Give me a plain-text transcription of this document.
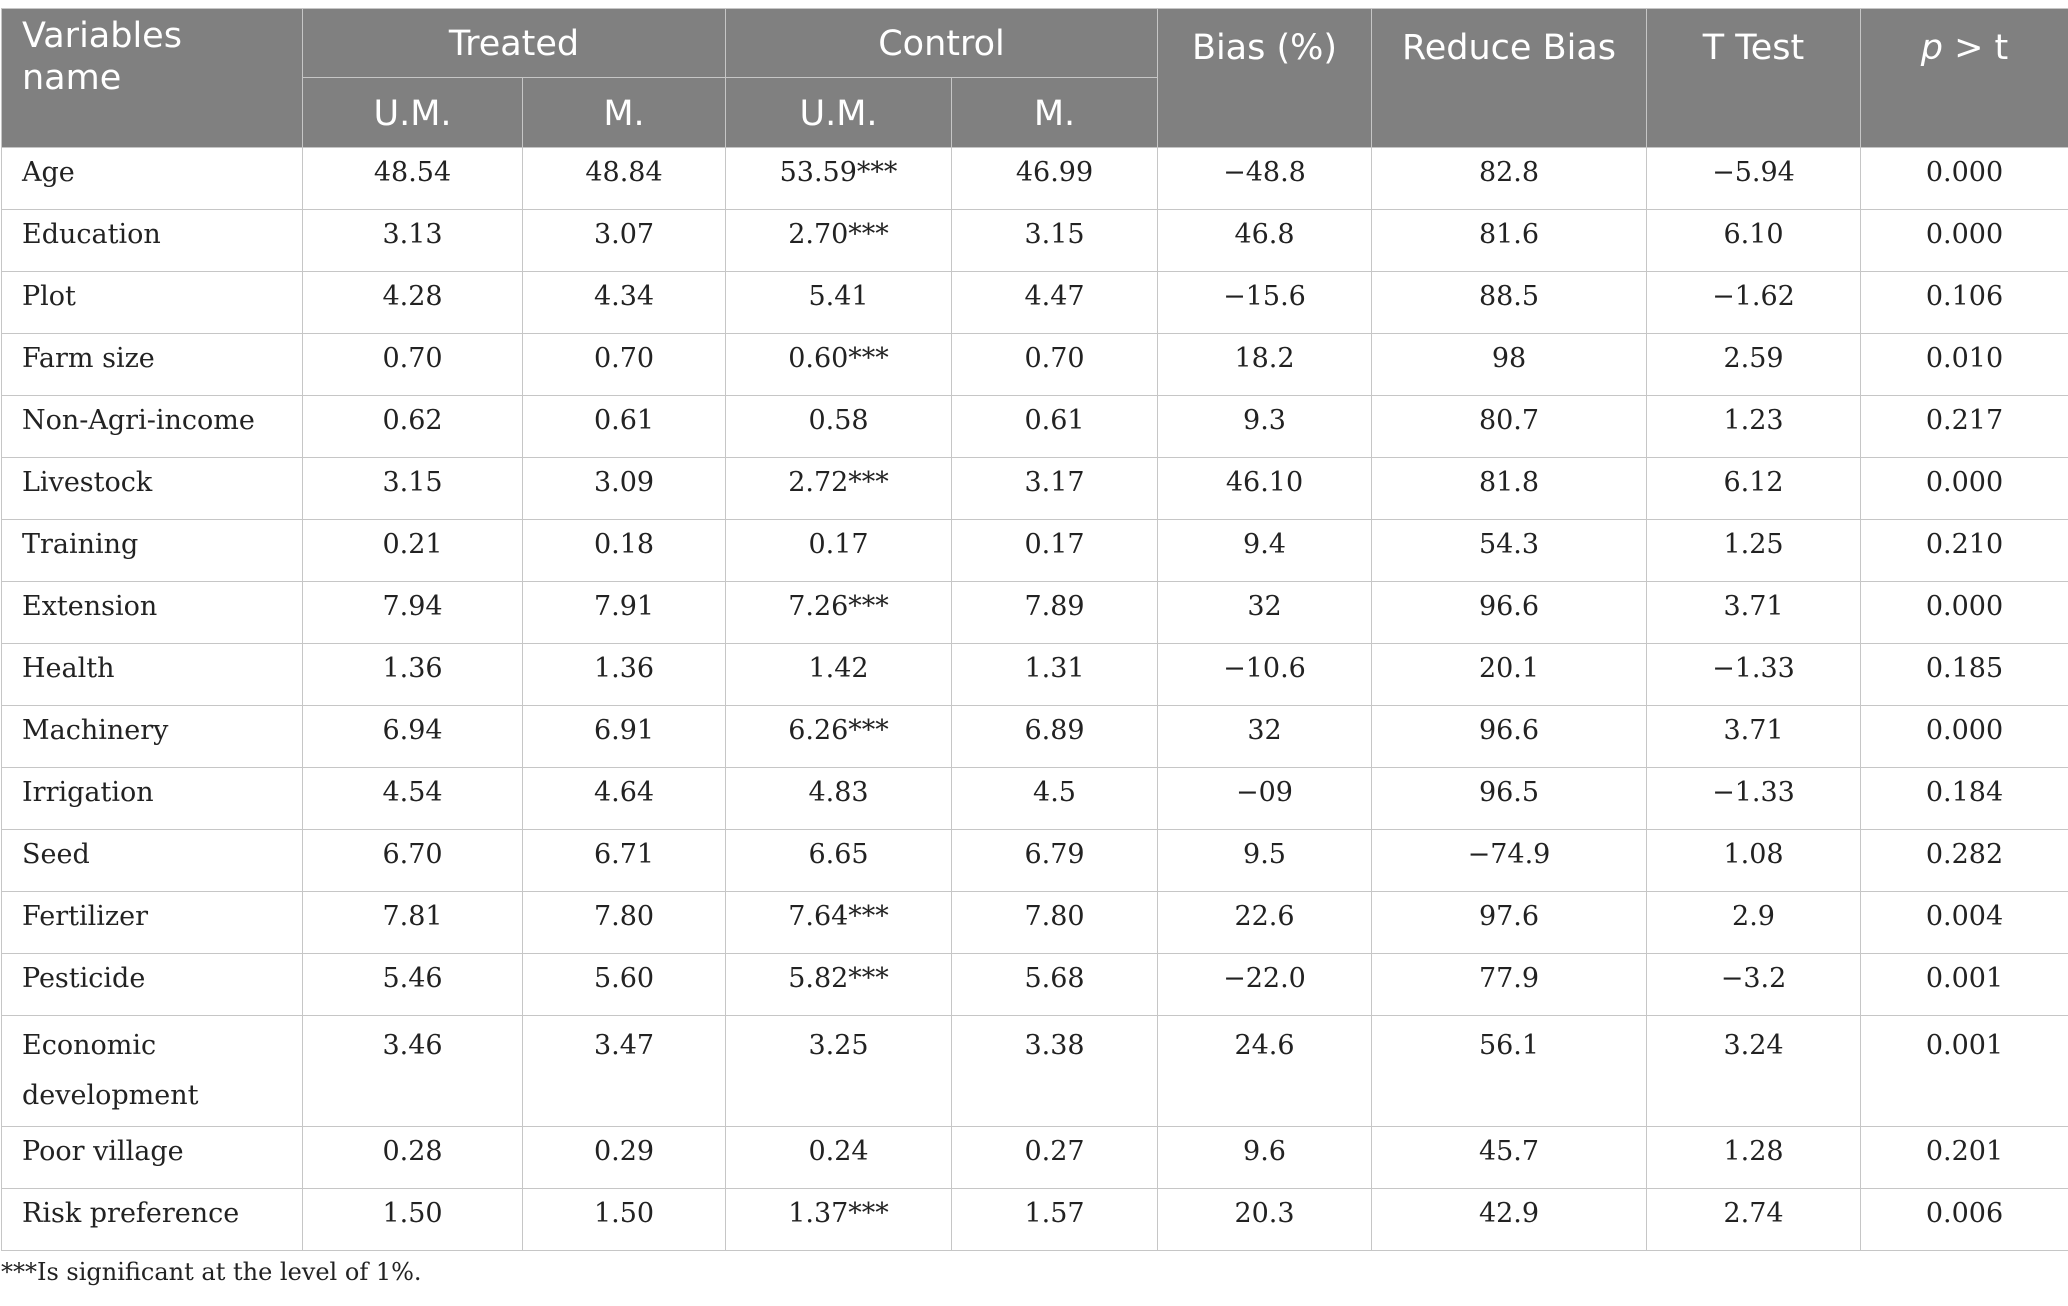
Variables
name	Treated		Control		Bias (%)	Reduce Bias	T Test	p > t
	U.M.	M.	U.M.	M.				
Age	48.54	48.84	53.59***	46.99	−48.8	82.8	−5.94	0.000
Education	3.13	3.07	2.70***	3.15	46.8	81.6	6.10	0.000
Plot	4.28	4.34	5.41	4.47	−15.6	88.5	−1.62	0.106
Farm size	0.70	0.70	0.60***	0.70	18.2	98	2.59	0.010
Non-Agri-income	0.62	0.61	0.58	0.61	9.3	80.7	1.23	0.217
Livestock	3.15	3.09	2.72***	3.17	46.10	81.8	6.12	0.000
Training	0.21	0.18	0.17	0.17	9.4	54.3	1.25	0.210
Extension	7.94	7.91	7.26***	7.89	32	96.6	3.71	0.000
Health	1.36	1.36	1.42	1.31	−10.6	20.1	−1.33	0.185
Machinery	6.94	6.91	6.26***	6.89	32	96.6	3.71	0.000
Irrigation	4.54	4.64	4.83	4.5	−09	96.5	−1.33	0.184
Seed	6.70	6.71	6.65	6.79	9.5	−74.9	1.08	0.282
Fertilizer	7.81	7.80	7.64***	7.80	22.6	97.6	2.9	0.004
Pesticide	5.46	5.60	5.82***	5.68	−22.0	77.9	−3.2	0.001
Economic development	3.46	3.47	3.25	3.38	24.6	56.1	3.24	0.001
Poor village	0.28	0.29	0.24	0.27	9.6	45.7	1.28	0.201
Risk preference	1.50	1.50	1.37***	1.57	20.3	42.9	2.74	0.006
***Is significant at the level of 1%.
